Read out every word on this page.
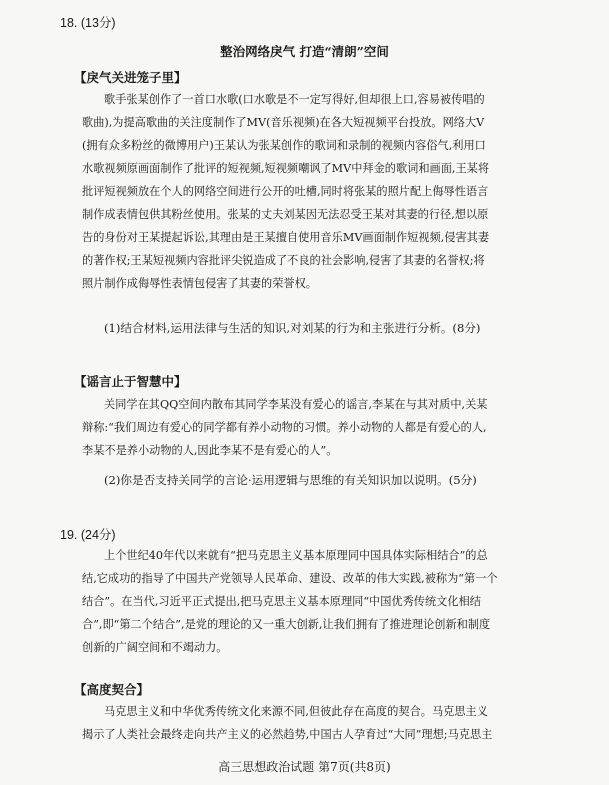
18. (13分)
整治网络戾气 打造“清朗”空间
【戾气关进笼子里】
歌手张某创作了一首口水歌(口水歌是不一定写得好,但却很上口,容易被传唱的
歌曲),为提高歌曲的关注度制作了MV(音乐视频)在各大短视频平台投放。网络大V
(拥有众多粉丝的微博用户)王某认为张某创作的歌词和录制的视频内容俗气,利用口
水歌视频原画面制作了批评的短视频,短视频嘲讽了MV中拜金的歌词和画面,王某将
批评短视频放在个人的网络空间进行公开的吐槽,同时将张某的照片配上侮辱性语言
制作成表情包供其粉丝使用。张某的丈夫刘某因无法忍受王某对其妻的行径,想以原
告的身份对王某提起诉讼,其理由是王某擅自使用音乐MV画面制作短视频,侵害其妻
的著作权;王某短视频内容批评尖锐造成了不良的社会影响,侵害了其妻的名誉权;将
照片制作成侮辱性表情包侵害了其妻的荣誉权。
(1)结合材料,运用法律与生活的知识,对刘某的行为和主张进行分析。(8分)
【谣言止于智慧中】
关同学在其QQ空间内散布其同学李某没有爱心的谣言,李某在与其对质中,关某
辩称:“我们周边有爱心的同学都有养小动物的习惯。养小动物的人都是有爱心的人,
李某不是养小动物的人,因此李某不是有爱心的人”。
(2)你是否支持关同学的言论·运用逻辑与思维的有关知识加以说明。(5分)
19. (24分)
上个世纪40年代以来就有“把马克思主义基本原理同中国具体实际相结合”的总
结,它成功的指导了中国共产党领导人民革命、建设、改革的伟大实践,被称为“第一个
结合”。在当代,习近平正式提出,把马克思主义基本原理同“中国优秀传统文化相结
合”,即“第二个结合”,是党的理论的又一重大创新,让我们拥有了推进理论创新和制度
创新的广阔空间和不竭动力。
【高度契合】
马克思主义和中华优秀传统文化来源不同,但彼此存在高度的契合。马克思主义
揭示了人类社会最终走向共产主义的必然趋势,中国古人孕育过“大同”理想;马克思主
高三思想政治试题 第7页(共8页)
